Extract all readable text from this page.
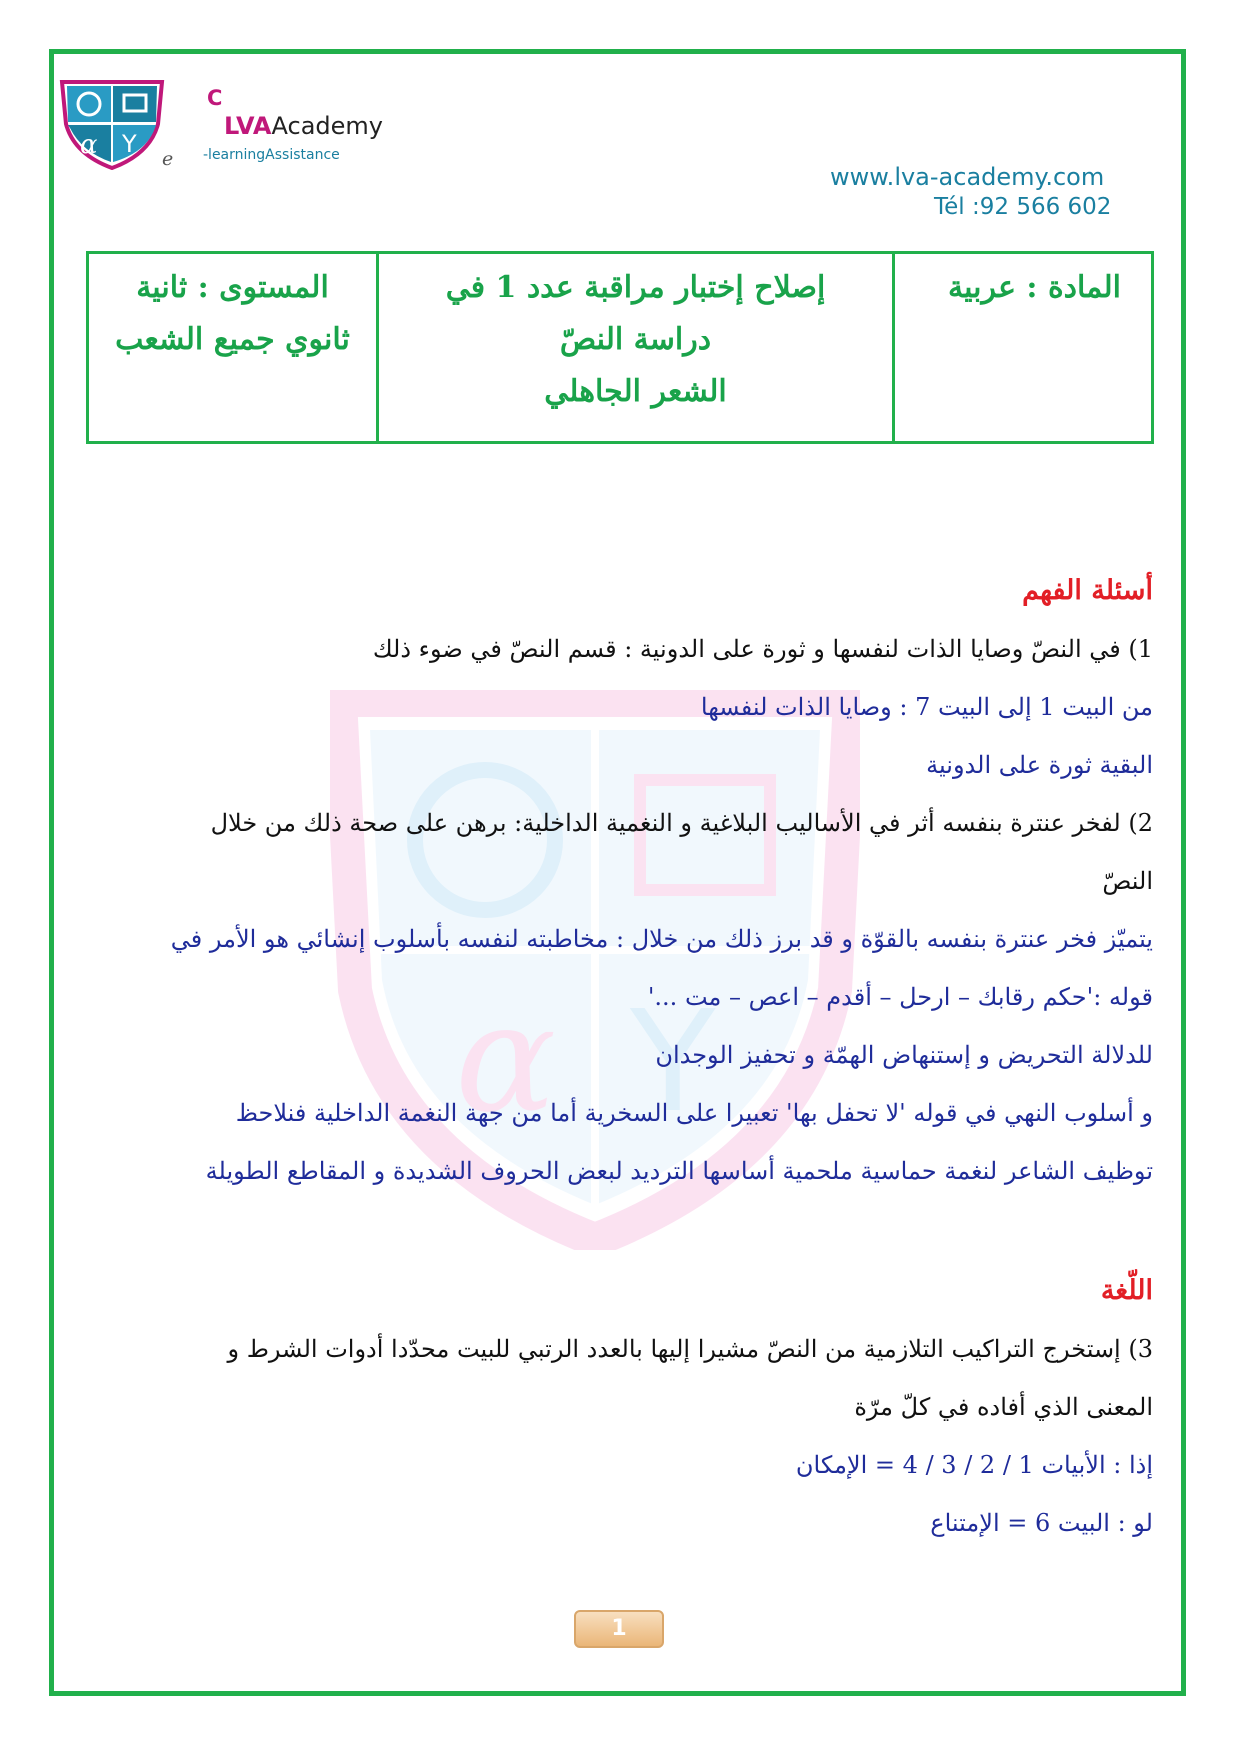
α Y
α Y
C
LVAAcademy
e -learningAssistance
www.lva-academy.com
Tél :92 566 602
المادة : عربية
إصلاح إختبار مراقبة عدد 1 في
دراسة النصّ
الشعر الجاهلي
المستوى : ثانية
ثانوي جميع الشعب

أسئلة الفهم

1) في النصّ وصايا الذات لنفسها و ثورة على الدونية : قسم النصّ في ضوء ذلك

من البيت 1 إلى البيت 7 : وصايا الذات لنفسها

البقية ثورة على الدونية

2) لفخر عنترة بنفسه أثر في الأساليب البلاغية و النغمية الداخلية: برهن على صحة ذلك من خلال

النصّ

يتميّز فخر عنترة بنفسه بالقوّة و قد برز ذلك من خلال : مخاطبته لنفسه بأسلوب إنشائي هو الأمر في

قوله :'حكم رقابك – ارحل – أقدم – اعص – مت ...'

للدلالة التحريض و إستنهاض الهمّة و تحفيز الوجدان

و أسلوب النهي في قوله 'لا تحفل بها' تعبيرا على السخرية أما من جهة النغمة الداخلية فنلاحظ

توظيف الشاعر لنغمة حماسية ملحمية أساسها الترديد لبعض الحروف الشديدة و المقاطع الطويلة

اللّغة

3) إستخرج التراكيب التلازمية من النصّ مشيرا إليها بالعدد الرتبي للبيت محدّدا أدوات الشرط و

المعنى الذي أفاده في كلّ مرّة

إذا : الأبيات 1 / 2 / 3 / 4 = الإمكان

لو : البيت 6 = الإمتناع

1
